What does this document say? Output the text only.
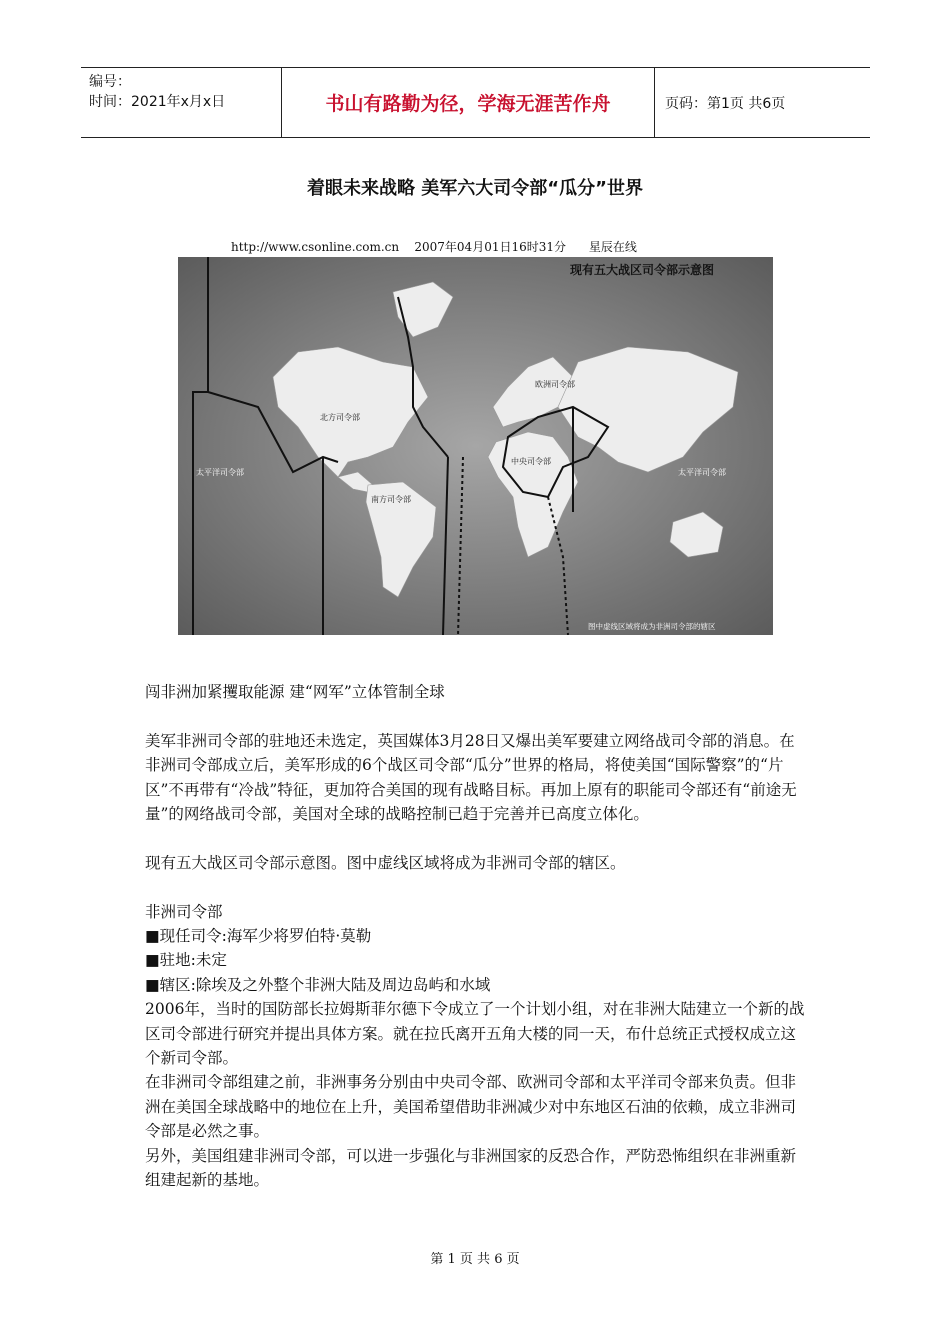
编号：
时间：2021年x月x日	书山有路勤为径，学海无涯苦作舟	页码：第1页 共6页
着眼未来战略 美军六大司令部“瓜分”世界
http://www.csonline.com.cn    2007年04月01日16时31分      星辰在线
现有五大战区司令部示意图
北方司令部
欧洲司令部
中央司令部
太平洋司令部	太平洋司令部
南方司令部
图中虚线区域将成为非洲司令部的辖区

闯非洲加紧攫取能源 建“网军”立体管制全球

美军非洲司令部的驻地还未选定，英国媒体3月28日又爆出美军要建立网络战司令部的消息。在非洲司令部成立后，美军形成的6个战区司令部“瓜分”世界的格局，将使美国“国际警察”的“片区”不再带有“冷战”特征，更加符合美国的现有战略目标。再加上原有的职能司令部还有“前途无量”的网络战司令部，美国对全球的战略控制已趋于完善并已高度立体化。

现有五大战区司令部示意图。图中虚线区域将成为非洲司令部的辖区。

非洲司令部

■现任司令:海军少将罗伯特·莫勒

■驻地:未定

■辖区:除埃及之外整个非洲大陆及周边岛屿和水域

2006年，当时的国防部长拉姆斯菲尔德下令成立了一个计划小组，对在非洲大陆建立一个新的战区司令部进行研究并提出具体方案。就在拉氏离开五角大楼的同一天，布什总统正式授权成立这个新司令部。

在非洲司令部组建之前，非洲事务分别由中央司令部、欧洲司令部和太平洋司令部来负责。但非洲在美国全球战略中的地位在上升，美国希望借助非洲减少对中东地区石油的依赖，成立非洲司令部是必然之事。

另外，美国组建非洲司令部，可以进一步强化与非洲国家的反恐合作，严防恐怖组织在非洲重新组建起新的基地。

第 1 页 共 6 页
